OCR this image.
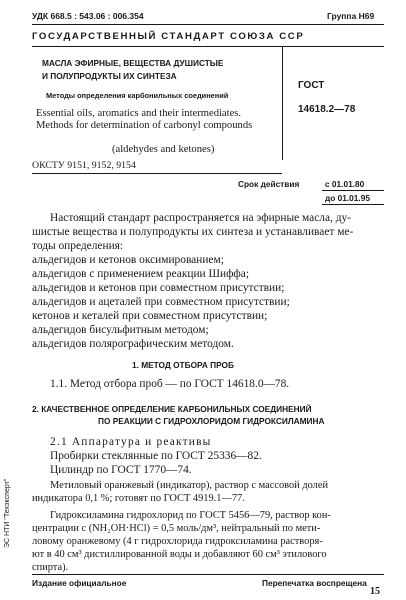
УДК 668.5 : 543.06 : 006.354	Группа Н69
ГОСУДАРСТВЕННЫЙ СТАНДАРТ СОЮЗА ССР
МАСЛА ЭФИРНЫЕ, ВЕЩЕСТВА ДУШИСТЫЕ
И ПОЛУПРОДУКТЫ ИХ СИНТЕЗА
Методы определения карбонильных соединений
Essential oils, aromatics and their intermediates.
Methods for determination of carbonyl compounds
(aldehydes and ketones)
ГОСТ
14618.2—78
ОКСТУ 9151, 9152, 9154
Срок действия	с 01.01.80
до 01.01.95
Настоящий стандарт распространяется на эфирные масла, ду-
шистые вещества и полупродукты их синтеза и устанавливает ме-
тоды определения:
альдегидов и кетонов оксимированием;
альдегидов с применением реакции Шиффа;
альдегидов и кетонов при совместном присутствии;
альдегидов и ацеталей при совместном присутствии;
кетонов и кеталей при совместном присутствии;
альдегидов бисульфитным методом;
альдегидов полярографическим методом.
1. МЕТОД ОТБОРА ПРОБ
1.1. Метод отбора проб — по ГОСТ 14618.0—78.
2. КАЧЕСТВЕННОЕ ОПРЕДЕЛЕНИЕ КАРБОНИЛЬНЫХ СОЕДИНЕНИЙ
ПО РЕАКЦИИ С ГИДРОХЛОРИДОМ ГИДРОКСИЛАМИНА
2.1 Аппаратура и реактивы
Пробирки стеклянные по ГОСТ 25336—82.
Цилиндр по ГОСТ 1770—74.
Метиловый оранжевый (индикатор), раствор с массовой долей
индикатора 0,1 %; готовят по ГОСТ 4919.1—77.
Гидроксиламина гидрохлорид по ГОСТ 5456—79, раствор кон-
центрации c (NH₂OH·HCl) = 0,5 моль/дм³, нейтральный по мети-
ловому оранжевому (4 г гидрохлорида гидроксиламина растворя-
ют в 40 см³ дистиллированной воды и добавляют 60 см³ этилового
спирта).
ЭС НТИ "Техэксперт"
Издание официальное	Перепечатка воспрещена
15
